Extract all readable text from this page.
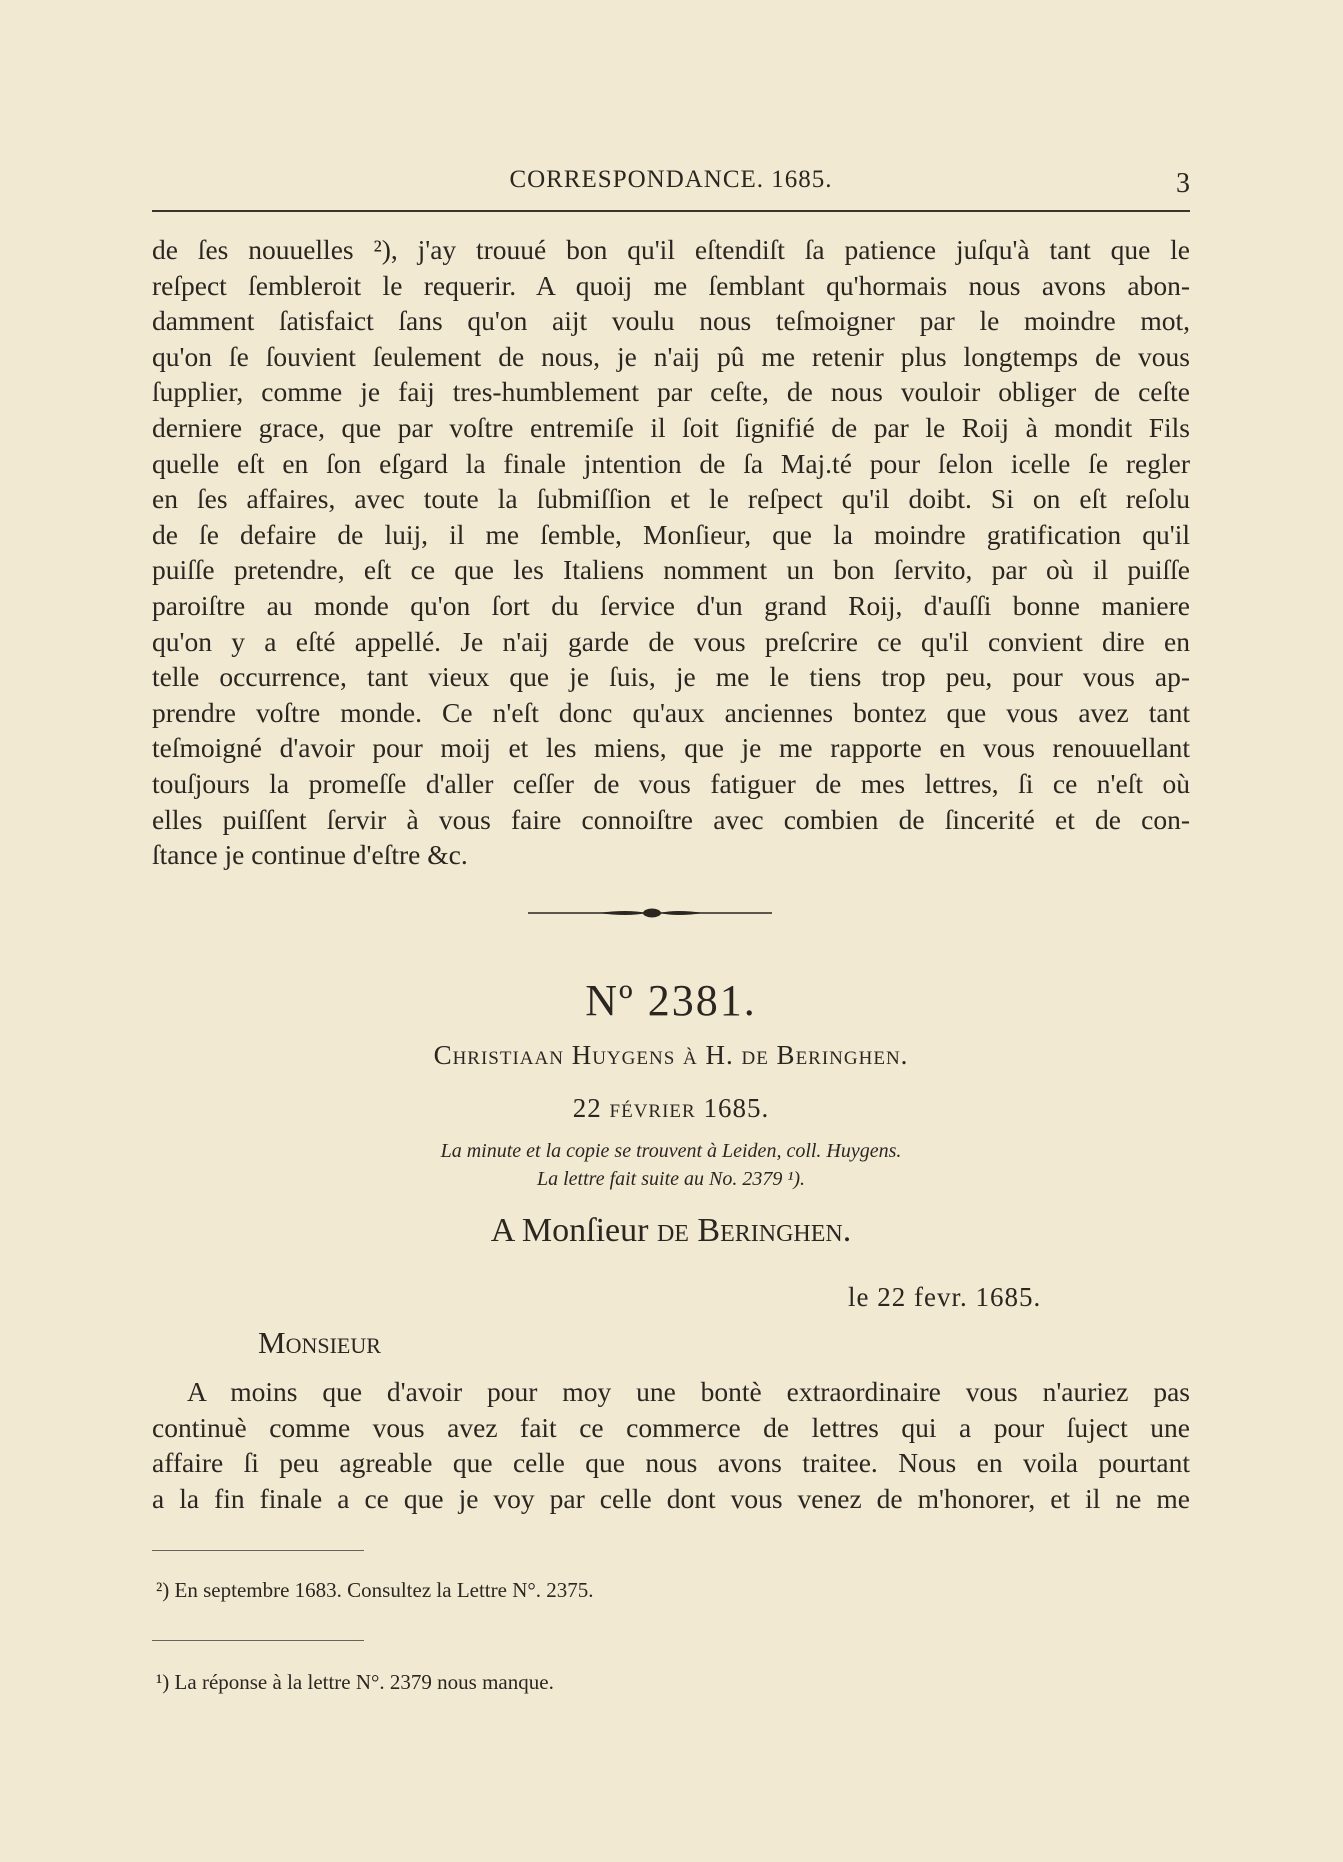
CORRESPONDANCE. 1685.	3
de ſes nouuelles ²), j'ay trouué bon qu'il eſtendiſt ſa patience juſqu'à tant que le
reſpect ſembleroit le requerir. A quoij me ſemblant qu'hormais nous avons abon-
damment ſatisfaict ſans qu'on aijt voulu nous teſmoigner par le moindre mot,
qu'on ſe ſouvient ſeulement de nous, je n'aij pû me retenir plus longtemps de vous
ſupplier, comme je faij tres-humblement par ceſte, de nous vouloir obliger de ceſte
derniere grace, que par voſtre entremiſe il ſoit ſignifié de par le Roij à mondit Fils
quelle eſt en ſon eſgard la finale jntention de ſa Maj.té pour ſelon icelle ſe regler
en ſes affaires, avec toute la ſubmiſſion et le reſpect qu'il doibt. Si on eſt reſolu
de ſe defaire de luij, il me ſemble, Monſieur, que la moindre gratification qu'il
puiſſe pretendre, eſt ce que les Italiens nomment un bon ſervito, par où il puiſſe
paroiſtre au monde qu'on ſort du ſervice d'un grand Roij, d'auſſi bonne maniere
qu'on y a eſté appellé. Je n'aij garde de vous preſcrire ce qu'il convient dire en
telle occurrence, tant vieux que je ſuis, je me le tiens trop peu, pour vous ap-
prendre voſtre monde. Ce n'eſt donc qu'aux anciennes bontez que vous avez tant
teſmoigné d'avoir pour moij et les miens, que je me rapporte en vous renouuellant
touſjours la promeſſe d'aller ceſſer de vous fatiguer de mes lettres, ſi ce n'eſt où
elles puiſſent ſervir à vous faire connoiſtre avec combien de ſincerité et de con-
ſtance je continue d'eſtre &c.
Nº 2381.
Christiaan Huygens à H. de Beringhen.
22 février 1685.
La minute et la copie se trouvent à Leiden, coll. Huygens.
La lettre fait suite au No. 2379 ¹).
A Monſieur de Beringhen.
le 22 fevr. 1685.
Monsieur
A moins que d'avoir pour moy une bontè extraordinaire vous n'auriez pas
continuè comme vous avez fait ce commerce de lettres qui a pour ſuject une
affaire ſi peu agreable que celle que nous avons traitee. Nous en voila pourtant
a la fin finale a ce que je voy par celle dont vous venez de m'honorer, et il ne me
²) En septembre 1683. Consultez la Lettre N°. 2375.
¹) La réponse à la lettre N°. 2379 nous manque.
